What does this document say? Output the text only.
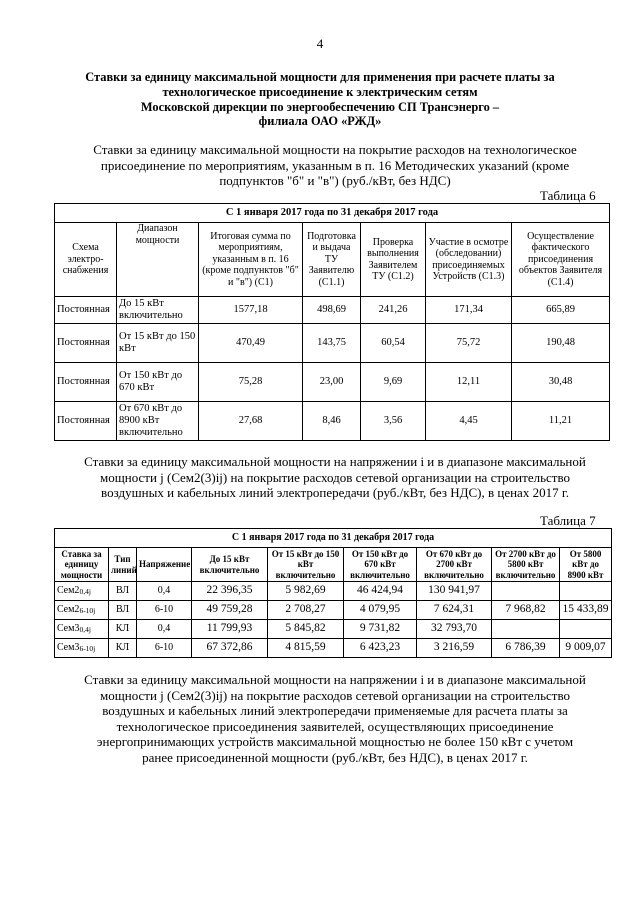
4
Ставки за единицу максимальной мощности для применения при расчете платы за
технологическое присоединение к электрическим сетям
Московской дирекции по энергообеспечению СП Трансэнерго –
филиала ОАО «РЖД»
Ставки за единицу максимальной мощности на покрытие расходов на технологическое
присоединение по мероприятиям, указанным в п. 16 Методических указаний (кроме
подпунктов "б" и "в") (руб./кВт, без НДС)
Таблица 6
С 1 января 2017 года по 31 декабря 2017 года						
Схема электро-снабжения	Диапазон мощности	Итоговая сумма по мероприятиям, указанным в п. 16 (кроме подпунктов "б" и "в") (С1)	Подготовка и выдача ТУ Заявителю (С1.1)	Проверка выполнения Заявителем ТУ (С1.2)	Участие в осмотре (обследовании) присоединяемых Устройств (С1.3)	Осуществление фактического присоединения объектов Заявителя (С1.4)
Постоянная	До 15 кВт включительно	1577,18	498,69	241,26	171,34	665,89
Постоянная	От 15 кВт до 150 кВт	470,49	143,75	60,54	75,72	190,48
Постоянная	От 150 кВт до 670 кВт	75,28	23,00	9,69	12,11	30,48
Постоянная	От 670 кВт до 8900 кВт включительно	27,68	8,46	3,56	4,45	11,21
Ставки за единицу максимальной мощности на напряжении i и в диапазоне максимальной
мощности j (Cем2(3)ij) на покрытие расходов сетевой организации на строительство
воздушных и кабельных линий электропередачи (руб./кВт, без НДС), в ценах 2017 г.
Таблица 7
С 1 января 2017 года по 31 декабря 2017 года								
Ставка за единицу мощности	Тип линий	Напряжение	До 15 кВт включительно	От 15 кВт до 150 кВт включительно	От 150 кВт до 670 кВт включительно	От 670 кВт до 2700 кВт включительно	От 2700 кВт до 5800 кВт включительно	От 5800 кВт до 8900 кВт
Cем20,4j	ВЛ	0,4	22 396,35	5 982,69	46 424,94	130 941,97		
Cем26-10j	ВЛ	6-10	49 759,28	2 708,27	4 079,95	7 624,31	7 968,82	15 433,89
Cем30,4j	КЛ	0,4	11 799,93	5 845,82	9 731,82	32 793,70		
Cем36-10j	КЛ	6-10	67 372,86	4 815,59	6 423,23	3 216,59	6 786,39	9 009,07
Ставки за единицу максимальной мощности на напряжении i и в диапазоне максимальной
мощности j (Cем2(3)ij) на покрытие расходов сетевой организации на строительство
воздушных и кабельных линий электропередачи применяемые для расчета платы за
технологическое присоединения заявителей, осуществляющих присоединение
энергопринимающих устройств максимальной мощностью не более 150 кВт с учетом
ранее присоединенной мощности (руб./кВт, без НДС), в ценах 2017 г.
